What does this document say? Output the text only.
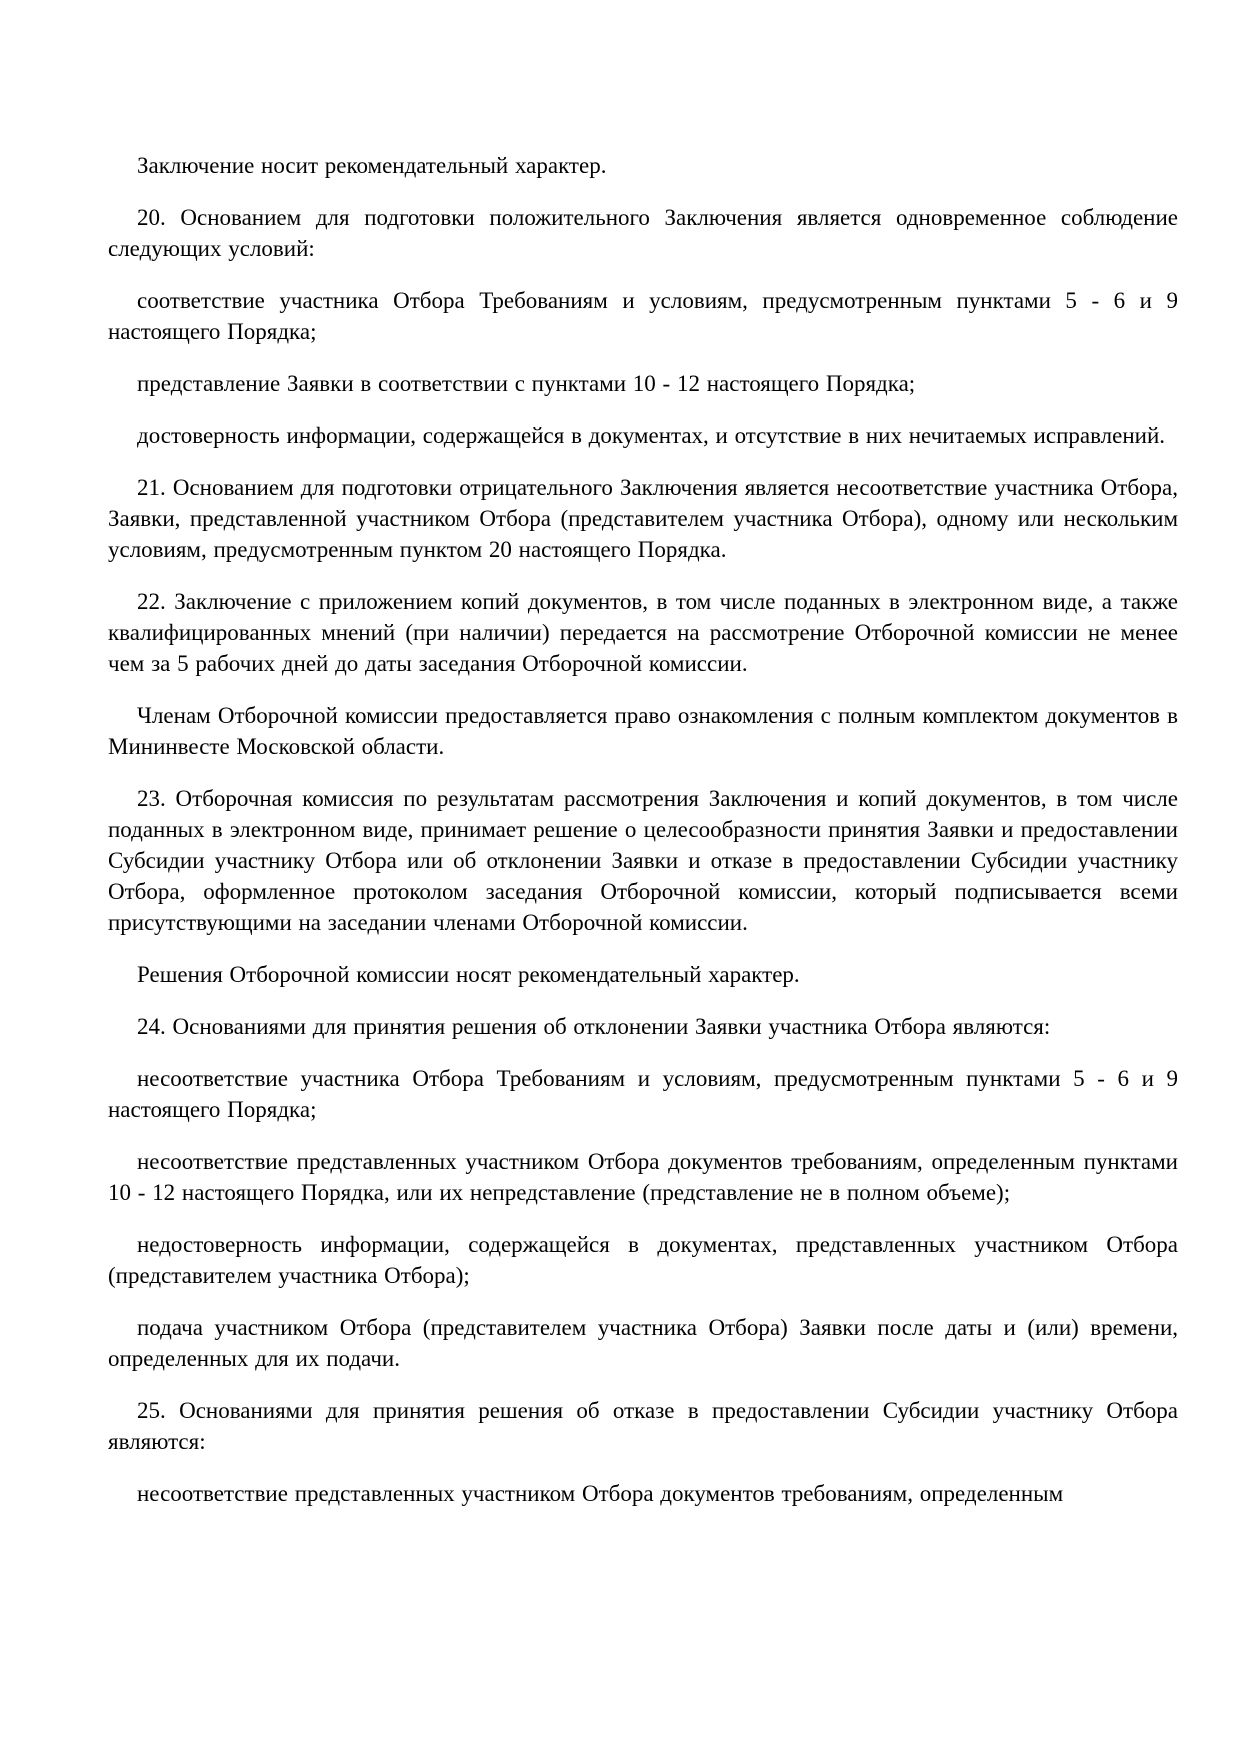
Заключение носит рекомендательный характер.

20. Основанием для подготовки положительного Заключения является одновременное соблюдение следующих условий:

соответствие участника Отбора Требованиям и условиям, предусмотренным пунктами 5 - 6 и 9 настоящего Порядка;

представление Заявки в соответствии с пунктами 10 - 12 настоящего Порядка;

достоверность информации, содержащейся в документах, и отсутствие в них нечитаемых исправлений.

21. Основанием для подготовки отрицательного Заключения является несоответствие участника Отбора, Заявки, представленной участником Отбора (представителем участника Отбора), одному или нескольким условиям, предусмотренным пунктом 20 настоящего Порядка.

22. Заключение с приложением копий документов, в том числе поданных в электронном виде, а также квалифицированных мнений (при наличии) передается на рассмотрение Отборочной комиссии не менее чем за 5 рабочих дней до даты заседания Отборочной комиссии.

Членам Отборочной комиссии предоставляется право ознакомления с полным комплектом документов в Мининвесте Московской области.

23. Отборочная комиссия по результатам рассмотрения Заключения и копий документов, в том числе поданных в электронном виде, принимает решение о целесообразности принятия Заявки и предоставлении Субсидии участнику Отбора или об отклонении Заявки и отказе в предоставлении Субсидии участнику Отбора, оформленное протоколом заседания Отборочной комиссии, который подписывается всеми присутствующими на заседании членами Отборочной комиссии.

Решения Отборочной комиссии носят рекомендательный характер.

24. Основаниями для принятия решения об отклонении Заявки участника Отбора являются:

несоответствие участника Отбора Требованиям и условиям, предусмотренным пунктами 5 - 6 и 9 настоящего Порядка;

несоответствие представленных участником Отбора документов требованиям, определенным пунктами 10 - 12 настоящего Порядка, или их непредставление (представление не в полном объеме);

недостоверность информации, содержащейся в документах, представленных участником Отбора (представителем участника Отбора);

подача участником Отбора (представителем участника Отбора) Заявки после даты и (или) времени, определенных для их подачи.

25. Основаниями для принятия решения об отказе в предоставлении Субсидии участнику Отбора являются:

несоответствие представленных участником Отбора документов требованиям, определенным
